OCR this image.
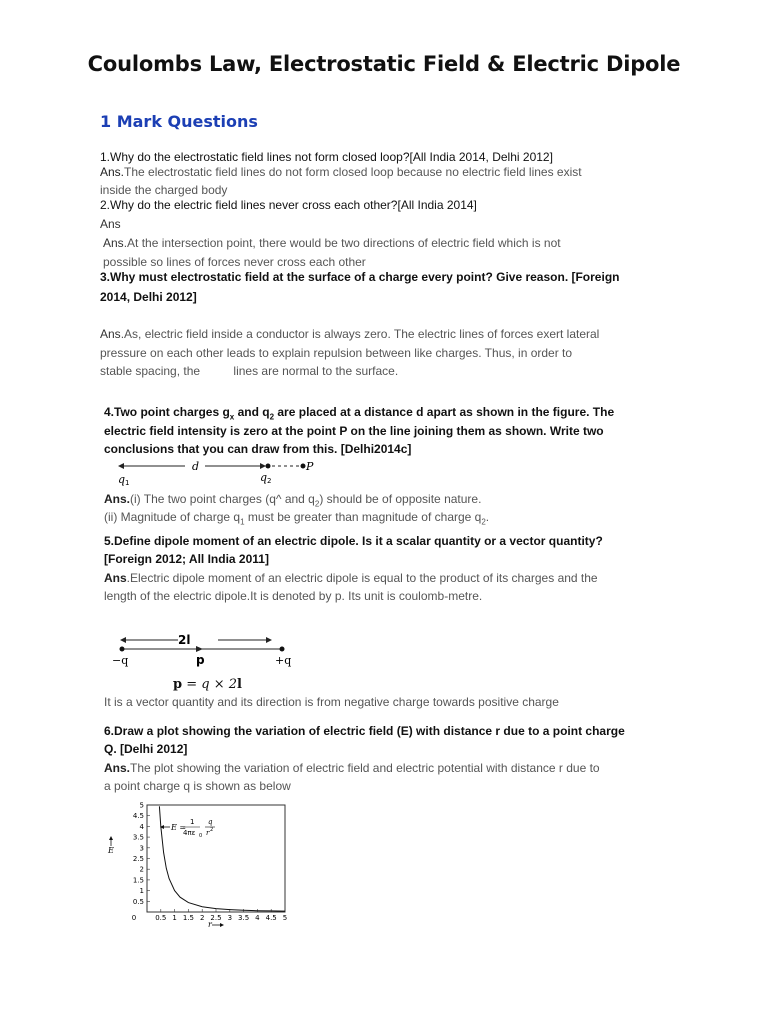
Coulombs Law, Electrostatic Field & Electric Dipole
1 Mark Questions
1.Why do the electrostatic field lines not form closed loop?[All India 2014, Delhi 2012]
Ans.The electrostatic field lines do not form closed loop because no electric field lines exist
inside the charged body
2.Why do the electric field lines never cross each other?[All India 2014]
Ans
Ans.At the intersection point, there would be two directions of electric field which is not
possible so lines of forces never cross each other
3.Why must electrostatic field at the surface of a charge every point? Give reason. [Foreign
2014, Delhi 2012]
Ans.As, electric field inside a conductor is always zero. The electric lines of forces exert lateral
pressure on each other leads to explain repulsion between like charges. Thus, in order to
stable spacing, the          lines are normal to the surface.
4.Two point charges $g_x$ and $q_2$ are placed at a distance d apart as shown in the figure. The
electric field intensity is zero at the point P on the line joining them as shown. Write two
conclusions that you can draw from this. [Delhi2014c]
d
q 1	q 2
P
Ans.(i) The two point charges (q^ and $q_2$) should be of opposite nature.
(ii) Magnitude of charge $q_1$ must be greater than magnitude of charge $q_2$.
5.Define dipole moment of an electric dipole. Is it a scalar quantity or a vector quantity?
[Foreign 2012; All India 2011]
Ans.Electric dipole moment of an electric dipole is equal to the product of its charges and the
length of the electric dipole.It is denoted by p. Its unit is coulomb-metre.
2l
−q	p	+q
p = q × 2l
It is a vector quantity and its direction is from negative charge towards positive charge
6.Draw a plot showing the variation of electric field (E) with distance r due to a point charge
Q. [Delhi 2012]
Ans.The plot showing the variation of electric field and electric potential with distance r due to
a point charge q is shown as below
0	0.5 1 1.5 2 2.5 3 3.5 4 4.5 5
0.5
1
1.5
2
2.5
3
3.5
4
4.5
5
E
r
E =
1
4πε 0
q
r 2
